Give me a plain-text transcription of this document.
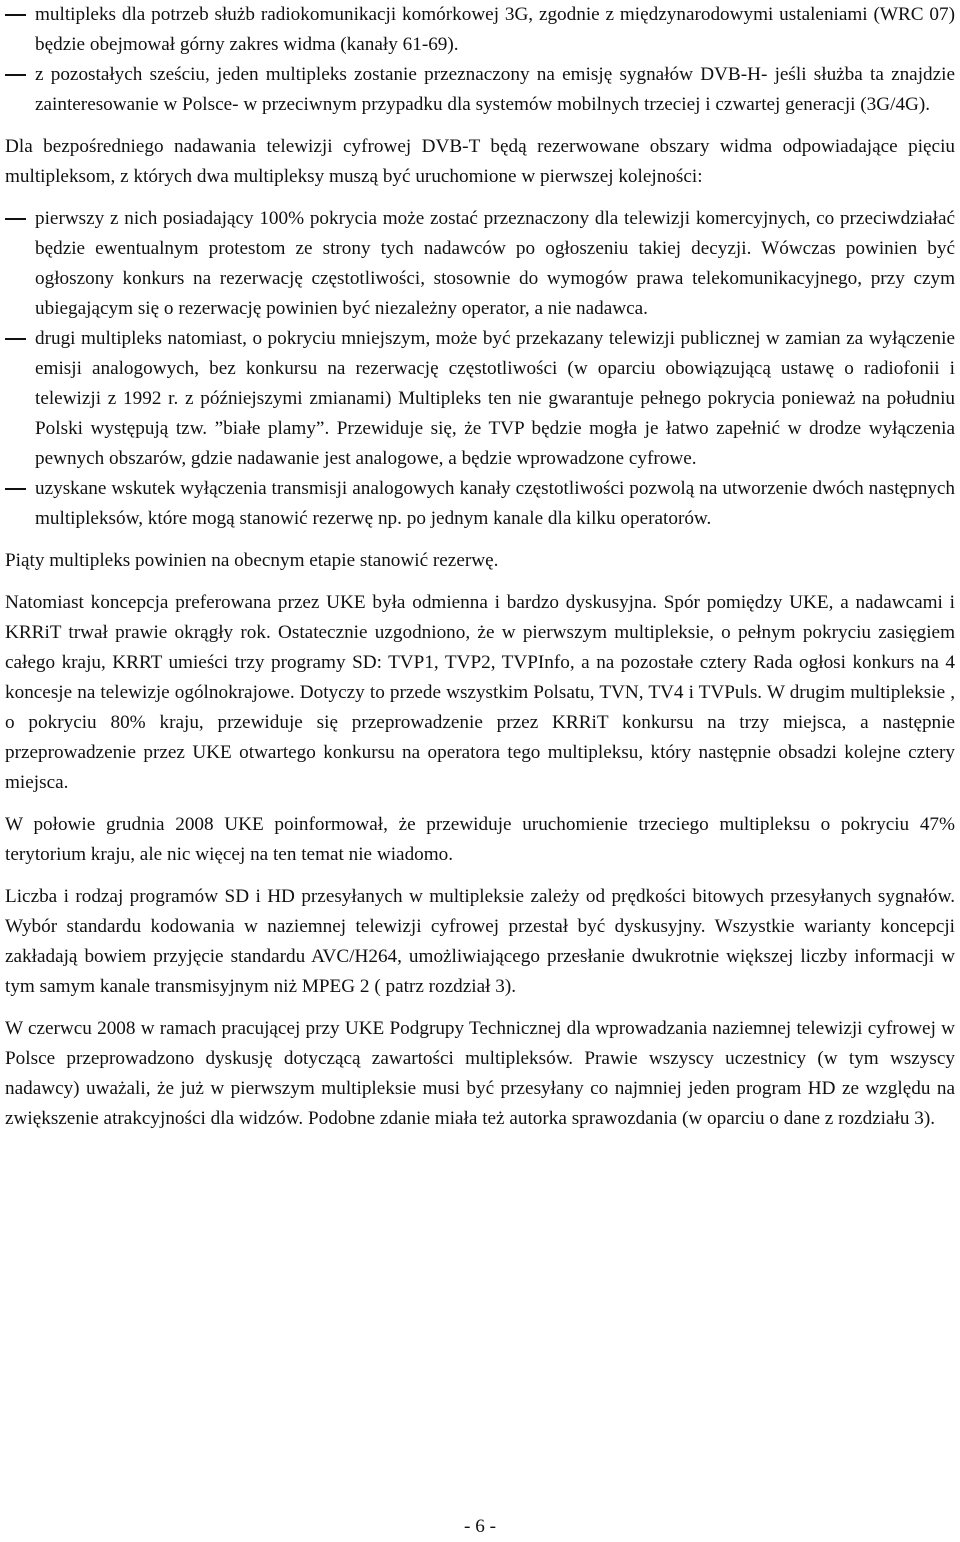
multipleks dla potrzeb służb radiokomunikacji komórkowej 3G, zgodnie z międzynarodowymi ustaleniami (WRC 07) będzie obejmował górny zakres widma (kanały 61-69).
z pozostałych sześciu, jeden multipleks zostanie przeznaczony na emisję sygnałów DVB-H- jeśli służba ta znajdzie zainteresowanie w Polsce- w przeciwnym przypadku dla systemów mobilnych trzeciej i czwartej generacji (3G/4G).

Dla bezpośredniego nadawania telewizji cyfrowej DVB-T będą rezerwowane obszary widma odpowiadające pięciu multipleksom, z których dwa multipleksy muszą być uruchomione w pierwszej kolejności:

pierwszy z nich posiadający 100% pokrycia może zostać przeznaczony dla telewizji komercyjnych, co przeciwdziałać będzie ewentualnym protestom ze strony tych nadawców po ogłoszeniu takiej decyzji. Wówczas powinien być ogłoszony konkurs na rezerwację częstotliwości, stosownie do wymogów prawa telekomunikacyjnego, przy czym ubiegającym się o rezerwację powinien być niezależny operator, a nie nadawca.
drugi multipleks natomiast, o pokryciu mniejszym, może być przekazany telewizji publicznej w zamian za wyłączenie emisji analogowych, bez konkursu na rezerwację częstotliwości (w oparciu obowiązującą ustawę o radiofonii i telewizji z 1992 r. z późniejszymi zmianami) Multipleks ten nie gwarantuje pełnego pokrycia ponieważ na południu Polski występują tzw. ”białe plamy”. Przewiduje się, że TVP będzie mogła je łatwo zapełnić w drodze wyłączenia pewnych obszarów, gdzie nadawanie jest analogowe, a będzie wprowadzone cyfrowe.
uzyskane wskutek wyłączenia transmisji analogowych kanały częstotliwości pozwolą na utworzenie dwóch następnych multipleksów, które mogą stanowić rezerwę np. po jednym kanale dla kilku operatorów.

Piąty multipleks powinien na obecnym etapie stanowić rezerwę.

Natomiast koncepcja preferowana przez UKE była odmienna i bardzo dyskusyjna. Spór pomiędzy UKE, a nadawcami i KRRiT trwał prawie okrągły rok. Ostatecznie uzgodniono, że w pierwszym multipleksie, o pełnym pokryciu zasięgiem całego kraju, KRRT umieści trzy programy SD: TVP1, TVP2, TVPInfo, a na pozostałe cztery Rada ogłosi konkurs na 4 koncesje na telewizje ogólnokrajowe. Dotyczy to przede wszystkim Polsatu, TVN, TV4 i TVPuls. W drugim multipleksie , o pokryciu 80% kraju, przewiduje się przeprowadzenie przez KRRiT konkursu na trzy miejsca, a następnie przeprowadzenie przez UKE otwartego konkursu na operatora tego multipleksu, który następnie obsadzi kolejne cztery miejsca.

W połowie grudnia 2008 UKE poinformował, że przewiduje uruchomienie trzeciego multipleksu o pokryciu 47% terytorium kraju, ale nic więcej na ten temat nie wiadomo.

Liczba i rodzaj programów SD i HD przesyłanych w multipleksie zależy od prędkości bitowych przesyłanych sygnałów. Wybór standardu kodowania w naziemnej telewizji cyfrowej przestał być dyskusyjny. Wszystkie warianty koncepcji zakładają bowiem przyjęcie standardu AVC/H264, umożliwiającego przesłanie dwukrotnie większej liczby informacji w tym samym kanale transmisyjnym niż MPEG 2 ( patrz rozdział 3).

W czerwcu 2008 w ramach pracującej przy UKE Podgrupy Technicznej dla wprowadzania naziemnej telewizji cyfrowej w Polsce przeprowadzono dyskusję dotyczącą zawartości multipleksów. Prawie wszyscy uczestnicy (w tym wszyscy nadawcy) uważali, że już w pierwszym multipleksie musi być przesyłany co najmniej jeden program HD ze względu na zwiększenie atrakcyjności dla widzów. Podobne zdanie miała też autorka sprawozdania (w oparciu o dane z rozdziału 3).

- 6 -
